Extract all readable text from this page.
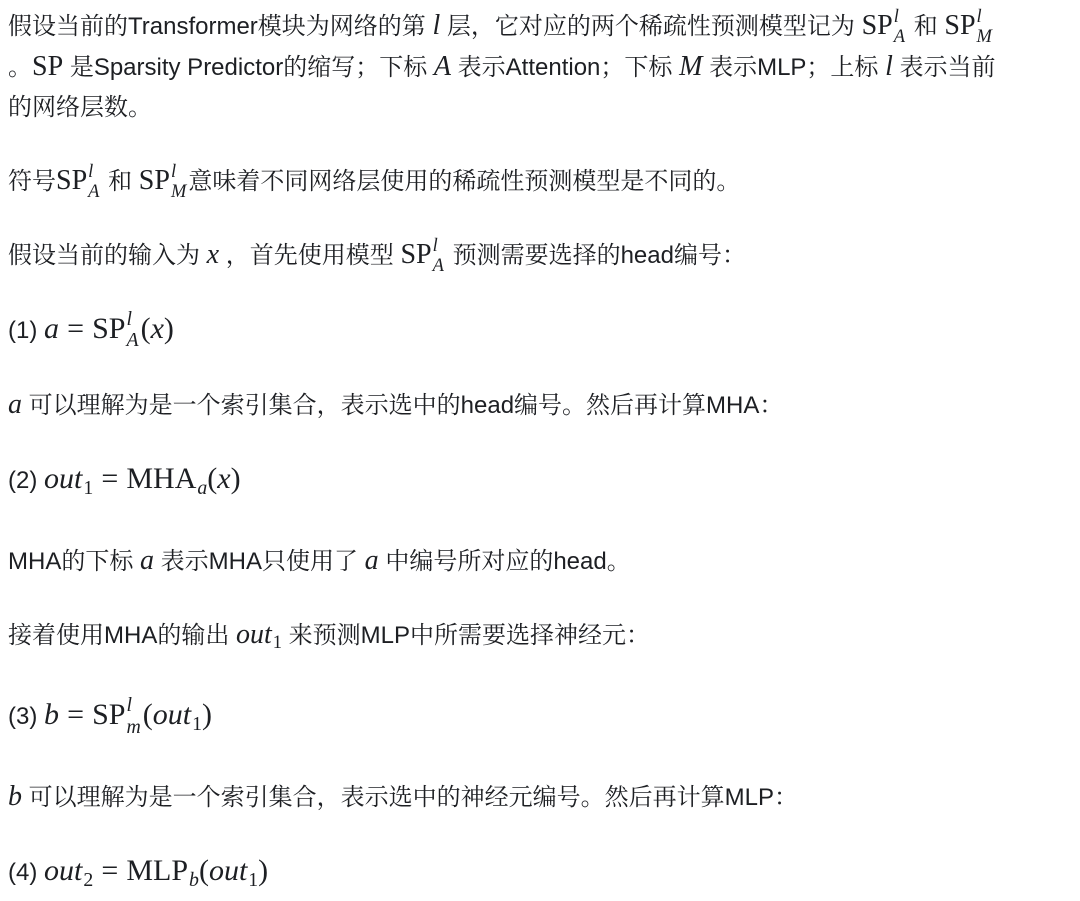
假设当前的Transformer模块为网络的第 l 层，它对应的两个稀疏性预测模型记为 SP l
A 和 SP l
M

。SP 是Sparsity Predictor的缩写；下标 A 表示Attention；下标 M 表示MLP；上标 l 表示当前
的网络层数。

符号SP l
A 和 SP l
M 意味着不同网络层使用的稀疏性预测模型是不同的。

假设当前的输入为 x ，首先使用模型 SP l
A 预测需要选择的head编号：

(1) a = SP l
A (x)

a 可以理解为是一个索引集合，表示选中的head编号。然后再计算MHA：

(2) out1 = MHAa(x)

MHA的下标 a 表示MHA只使用了 a 中编号所对应的head。

接着使用MHA的输出 out1 来预测MLP中所需要选择神经元：

(3) b = SP l
m (out1)

b 可以理解为是一个索引集合，表示选中的神经元编号。然后再计算MLP：

(4) out2 = MLPb(out1)
